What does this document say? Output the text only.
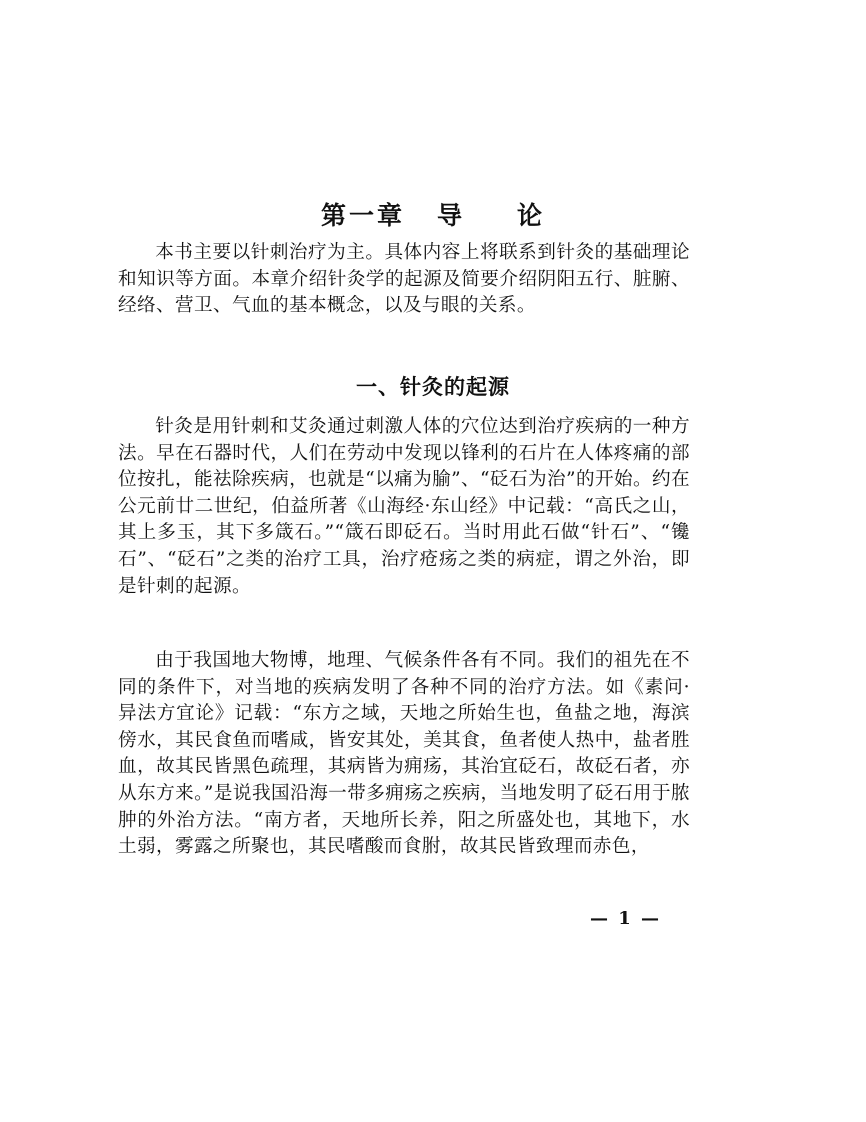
第一章 导 论

本书主要以针刺治疗为主。具体内容上将联系到针灸的基础理论和知识等方面。本章介绍针灸学的起源及简要介绍阴阳五行、脏腑、经络、营卫、气血的基本概念，以及与眼的关系。

一、针灸的起源

针灸是用针刺和艾灸通过刺激人体的穴位达到治疗疾病的一种方法。早在石器时代，人们在劳动中发现以锋利的石片在人体疼痛的部位按扎，能祛除疾病，也就是“以痛为腧”、“砭石为治”的开始。约在公元前廿二世纪，伯益所著《山海经·东山经》中记载：“高氏之山，其上多玉，其下多箴石。”“箴石即砭石。当时用此石做“针石”、“镵石”、“砭石”之类的治疗工具，治疗疮疡之类的病症，谓之外治，即是针刺的起源。

由于我国地大物博，地理、气候条件各有不同。我们的祖先在不同的条件下，对当地的疾病发明了各种不同的治疗方法。如《素问·异法方宜论》记载：“东方之域，天地之所始生也，鱼盐之地，海滨傍水，其民食鱼而嗜咸，皆安其处，美其食，鱼者使人热中，盐者胜血，故其民皆黑色疏理，其病皆为痈疡，其治宜砭石，故砭石者，亦从东方来。”是说我国沿海一带多痈疡之疾病，当地发明了砭石用于脓肿的外治方法。“南方者，天地所长养，阳之所盛处也，其地下，水土弱，雾露之所聚也，其民嗜酸而食胕，故其民皆致理而赤色，

— 1 —
